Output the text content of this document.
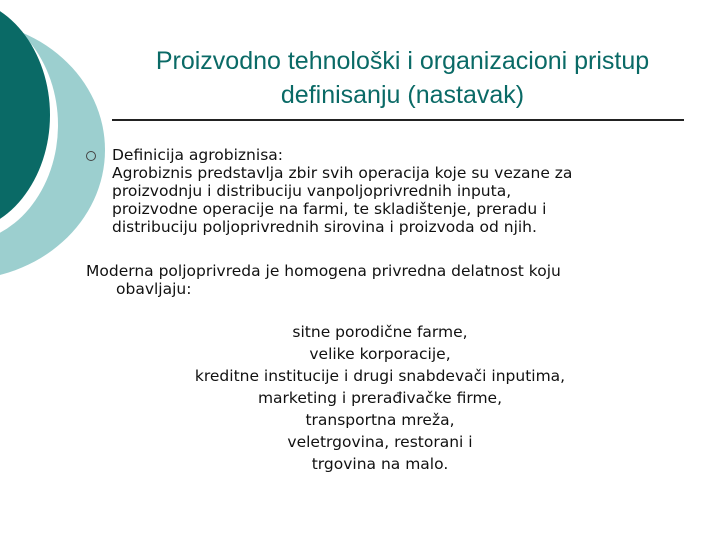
Proizvodno tehnološki i organizacioni pristup
definisanju (nastavak)
Definicija agrobiznisa:
Agrobiznis predstavlja zbir svih operacija koje su vezane za
proizvodnju i distribuciju vanpoljoprivrednih inputa,
proizvodne operacije na farmi, te skladištenje, preradu i
distribuciju poljoprivrednih sirovina i proizvoda od njih.
Moderna poljoprivreda je homogena privredna delatnost koju
obavljaju:
sitne porodične farme,
velike korporacije,
kreditne institucije i drugi snabdevači inputima,
marketing i prerađivačke firme,
transportna mreža,
veletrgovina, restorani i
trgovina na malo.
